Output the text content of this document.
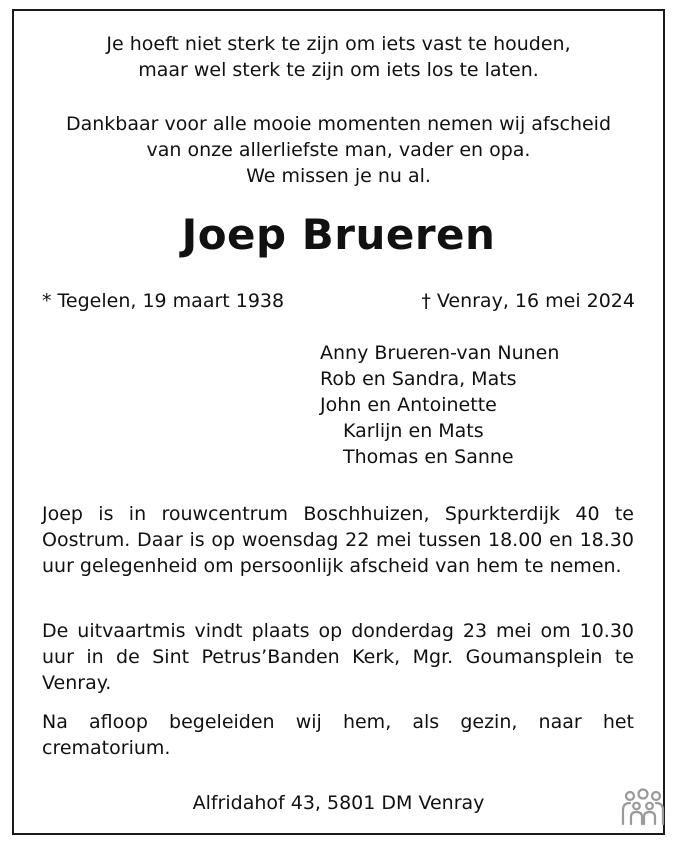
Je hoeft niet sterk te zijn om iets vast te houden,
maar wel sterk te zijn om iets los te laten.
Dankbaar voor alle mooie momenten nemen wij afscheid
van onze allerliefste man, vader en opa.
We missen je nu al.
Joep Brueren
* Tegelen, 19 maart 1938	† Venray, 16 mei 2024
Anny Brueren-van Nunen
Rob en Sandra, Mats
John en Antoinette
Karlijn en Mats
Thomas en Sanne
Joep is in rouwcentrum Boschhuizen, Spurkterdijk 40 te Oostrum. Daar is op woensdag 22 mei tussen 18.00 en 18.30 uur gelegenheid om persoonlijk afscheid van hem te nemen.
De uitvaartmis vindt plaats op donderdag 23 mei om 10.30 uur in de Sint Petrus’Banden Kerk, Mgr. Goumansplein te Venray.
Na afloop begeleiden wij hem, als gezin, naar het crematorium.
Alfridahof 43, 5801 DM Venray
